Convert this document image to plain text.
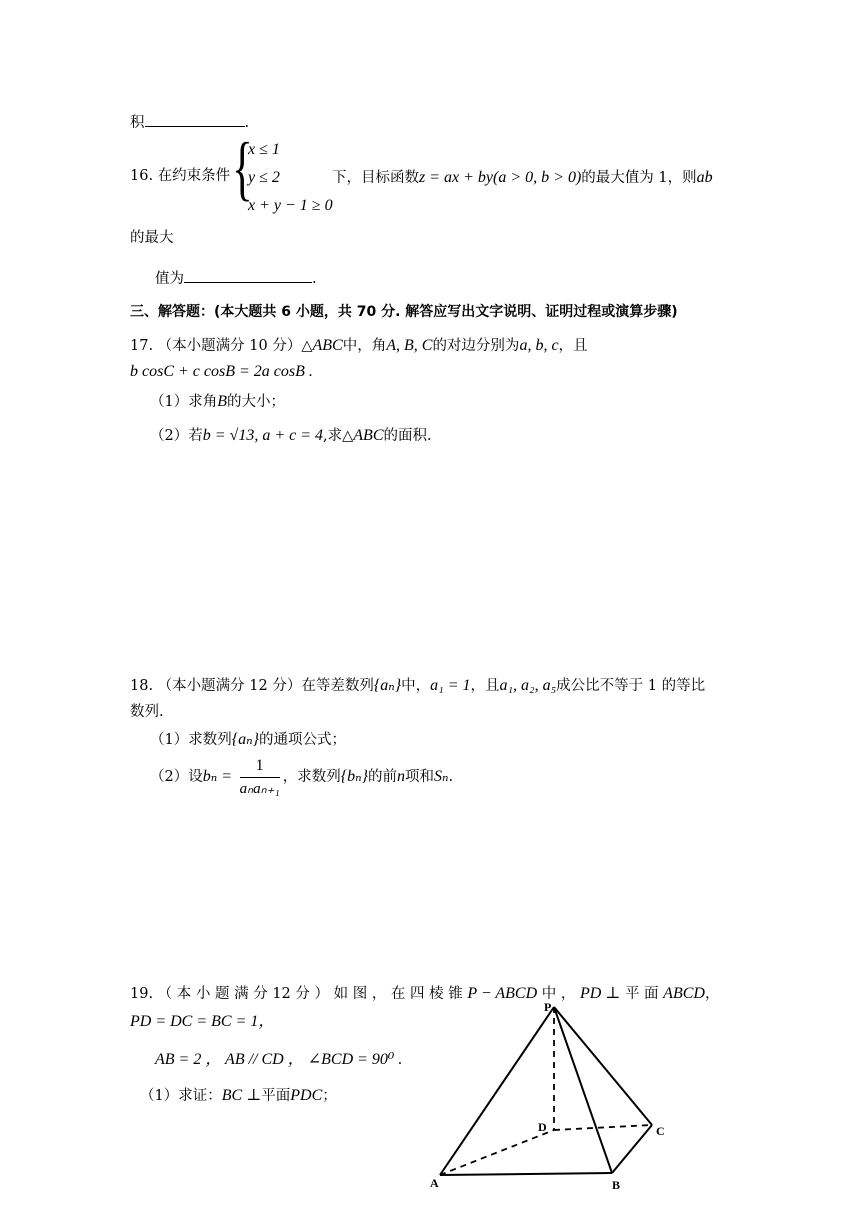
积	.
16. 在约束条件 {
x ≤ 1
y ≤ 2
x + y − 1 ≥ 0
下，目标函数z = ax + by(a > 0, b > 0)的最大值为 1，则ab
的最大
值为	.
三、解答题：(本大题共 6 小题，共 70 分. 解答应写出文字说明、证明过程或演算步骤)
17. （本小题满分 10 分）△ABC中，角A, B, C的对边分别为a, b, c，且
b cosC + c cosB = 2a cosB .
（1）求角B的大小；
（2）若b = √13, a + c = 4,求△ABC的面积.
18. （本小题满分 12 分）在等差数列{aₙ}中，a₁ = 1，且a₁, a₂, a₅成公比不等于 1 的等比
数列.
（1）求数列{aₙ}的通项公式；
（2）设$b_n = \frac{1}{\text{aₙaₙ₊₁}}$ ，求数列{bₙ}的前n项和Sₙ.
19. （ 本 小 题 满 分 12 分 ） 如 图 ， 在 四 棱 锥 P − ABCD 中 ， PD ⊥ 平 面 ABCD，
PD = DC = BC = 1，
AB = 2 ， AB // CD ， ∠BCD = 90⁰ .
（1）求证：BC ⊥平面PDC；
P
D	C
A	B
